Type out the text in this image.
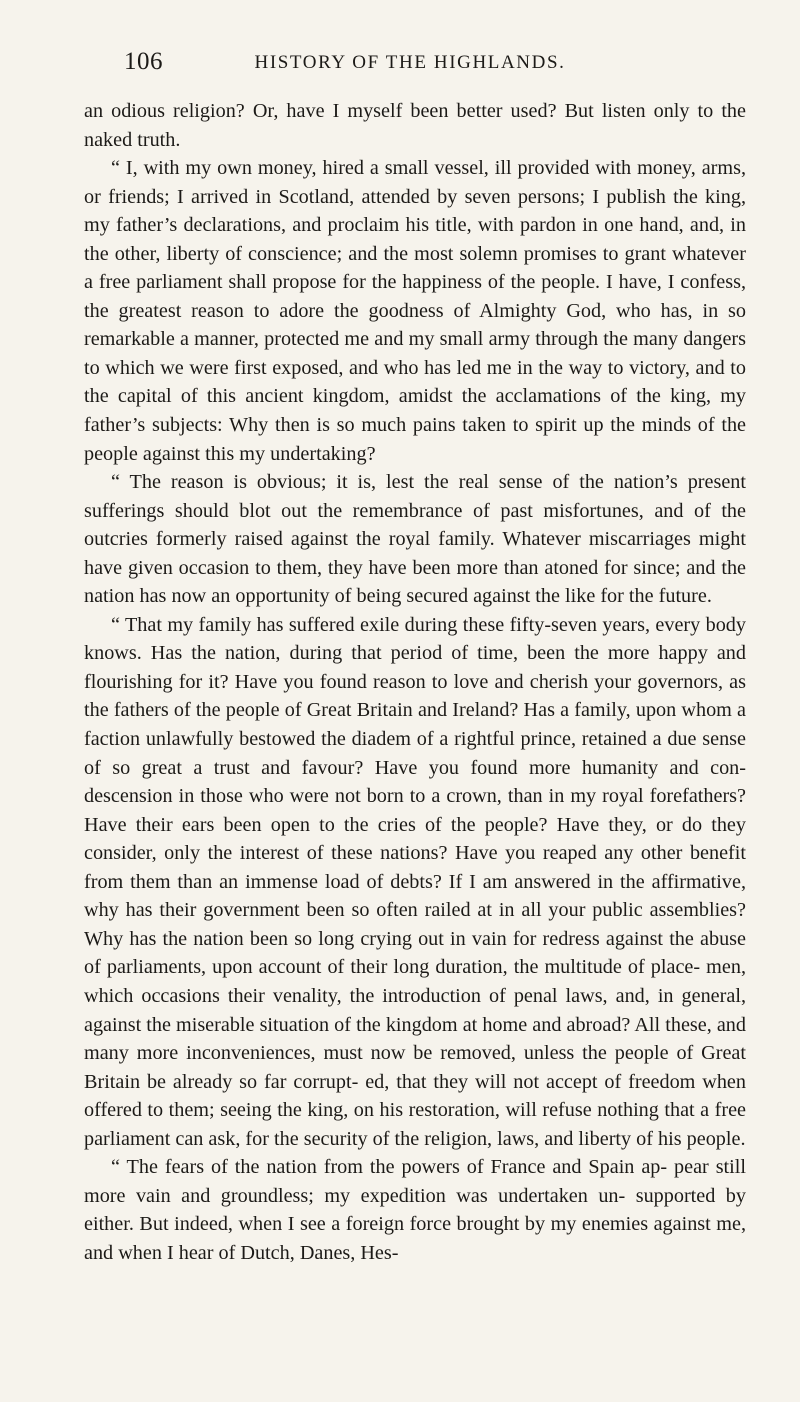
106	HISTORY OF THE HIGHLANDS.

an odious religion? Or, have I myself been better used? But listen only to the naked truth.

“ I, with my own money, hired a small vessel, ill provided with money, arms, or friends; I arrived in Scotland, attended by seven persons; I publish the king, my father’s declarations, and proclaim his title, with pardon in one hand, and, in the other, liberty of conscience; and the most solemn promises to grant whatever a free parliament shall propose for the happiness of the people. I have, I confess, the greatest reason to adore the goodness of Almighty God, who has, in so remarkable a manner, protected me and my small army through the many dangers to which we were first exposed, and who has led me in the way to victory, and to the capital of this ancient kingdom, amidst the acclamations of the king, my father’s subjects: Why then is so much pains taken to spirit up the minds of the people against this my undertaking?

“ The reason is obvious; it is, lest the real sense of the nation’s present sufferings should blot out the remembrance of past misfortunes, and of the outcries formerly raised against the royal family. Whatever miscarriages might have given occasion to them, they have been more than atoned for since; and the nation has now an opportunity of being secured against the like for the future.

“ That my family has suffered exile during these fifty-seven years, every body knows. Has the nation, during that period of time, been the more happy and flourishing for it? Have you found reason to love and cherish your governors, as the fathers of the people of Great Britain and Ireland? Has a family, upon whom a faction unlawfully bestowed the diadem of a rightful prince, retained a due sense of so great a trust and favour? Have you found more humanity and con- descension in those who were not born to a crown, than in my royal forefathers? Have their ears been open to the cries of the people? Have they, or do they consider, only the interest of these nations? Have you reaped any other benefit from them than an immense load of debts? If I am answered in the affirmative, why has their government been so often railed at in all your public assemblies? Why has the nation been so long crying out in vain for redress against the abuse of parliaments, upon account of their long duration, the multitude of place- men, which occasions their venality, the introduction of penal laws, and, in general, against the miserable situation of the kingdom at home and abroad? All these, and many more inconveniences, must now be removed, unless the people of Great Britain be already so far corrupt- ed, that they will not accept of freedom when offered to them; seeing the king, on his restoration, will refuse nothing that a free parliament can ask, for the security of the religion, laws, and liberty of his people.

“ The fears of the nation from the powers of France and Spain ap- pear still more vain and groundless; my expedition was undertaken un- supported by either. But indeed, when I see a foreign force brought by my enemies against me, and when I hear of Dutch, Danes, Hes-
